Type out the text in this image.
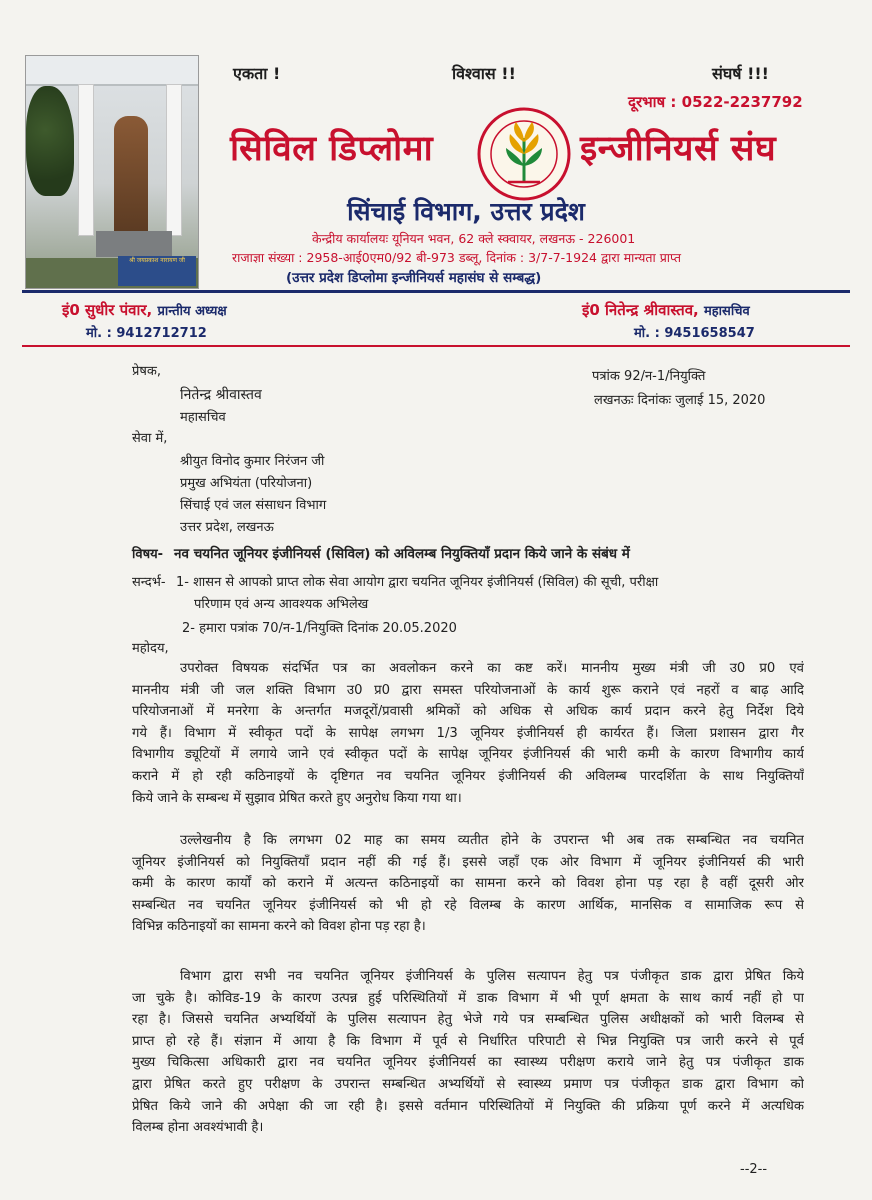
श्री जयप्रकाश नारायण जी
एकता !	विश्वास !!	संघर्ष !!!
दूरभाष : 0522-2237792
सिविल डिप्लोमा	इन्जीनियर्स संघ
सिंचाई विभाग, उत्तर प्रदेश
केन्द्रीय कार्यालयः यूनियन भवन, 62 क्ले स्क्वायर, लखनऊ - 226001
राजाज्ञा संख्या : 2958-आई0एम0/92 बी-973 डब्लू, दिनांक : 3/7-7-1924 द्वारा मान्यता प्राप्त
(उत्तर प्रदेश डिप्लोमा इन्जीनियर्स महासंघ से सम्बद्ध)
इं0 सुधीर पंवार, प्रान्तीय अध्यक्ष
मो. : 9412712712
इं0 नितेन्द्र श्रीवास्तव, महासचिव
मो. : 9451658547
प्रेषक,
नितेन्द्र श्रीवास्तव
महासचिव
पत्रांक 92/न-1/नियुक्ति
लखनऊः दिनांकः जुलाई 15, 2020
सेवा में,
श्रीयुत विनोद कुमार निरंजन जी
प्रमुख अभियंता (परियोजना)
सिंचाई एवं जल संसाधन विभाग
उत्तर प्रदेश, लखनऊ
विषय- नव चयनित जूनियर इंजीनियर्स (सिविल) को अविलम्ब नियुक्तियाँ प्रदान किये जाने के संबंध में
सन्दर्भ- 1- शासन से आपको प्राप्त लोक सेवा आयोग द्वारा चयनित जूनियर इंजीनियर्स (सिविल) की सूची, परीक्षा
परिणाम एवं अन्य आवश्यक अभिलेख
2- हमारा पत्रांक 70/न-1/नियुक्ति दिनांक 20.05.2020
महोदय,
उपरोक्त विषयक संदर्भित पत्र का अवलोकन करने का कष्ट करें। माननीय मुख्य मंत्री जी उ0 प्र0 एवं
माननीय मंत्री जी जल शक्ति विभाग उ0 प्र0 द्वारा समस्त परियोजनाओं के कार्य शुरू कराने एवं नहरों व बाढ़ आदि
परियोजनाओं में मनरेगा के अन्तर्गत मजदूरों/प्रवासी श्रमिकों को अधिक से अधिक कार्य प्रदान करने हेतु निर्देश दिये
गये हैं। विभाग में स्वीकृत पदों के सापेक्ष लगभग 1/3 जूनियर इंजीनियर्स ही कार्यरत हैं। जिला प्रशासन द्वारा गैर
विभागीय ड्यूटियों में लगाये जाने एवं स्वीकृत पदों के सापेक्ष जूनियर इंजीनियर्स की भारी कमी के कारण विभागीय कार्य
कराने में हो रही कठिनाइयों के दृष्टिगत नव चयनित जूनियर इंजीनियर्स की अविलम्ब पारदर्शिता के साथ नियुक्तियाँ
किये जाने के सम्बन्ध में सुझाव प्रेषित करते हुए अनुरोध किया गया था।
उल्लेखनीय है कि लगभग 02 माह का समय व्यतीत होने के उपरान्त भी अब तक सम्बन्धित नव चयनित
जूनियर इंजीनियर्स को नियुक्तियाँ प्रदान नहीं की गई हैं। इससे जहाँ एक ओर विभाग में जूनियर इंजीनियर्स की भारी
कमी के कारण कार्यों को कराने में अत्यन्त कठिनाइयों का सामना करने को विवश होना पड़ रहा है वहीं दूसरी ओर
सम्बन्धित नव चयनित जूनियर इंजीनियर्स को भी हो रहे विलम्ब के कारण आर्थिक, मानसिक व सामाजिक रूप से
विभिन्न कठिनाइयों का सामना करने को विवश होना पड़ रहा है।
विभाग द्वारा सभी नव चयनित जूनियर इंजीनियर्स के पुलिस सत्यापन हेतु पत्र पंजीकृत डाक द्वारा प्रेषित किये
जा चुके है। कोविड-19 के कारण उत्पन्न हुई परिस्थितियों में डाक विभाग में भी पूर्ण क्षमता के साथ कार्य नहीं हो पा
रहा है। जिससे चयनित अभ्यर्थियों के पुलिस सत्यापन हेतु भेजे गये पत्र सम्बन्धित पुलिस अधीक्षकों को भारी विलम्ब से
प्राप्त हो रहे हैं। संज्ञान में आया है कि विभाग में पूर्व से निर्धारित परिपाटी से भिन्न नियुक्ति पत्र जारी करने से पूर्व
मुख्य चिकित्सा अधिकारी द्वारा नव चयनित जूनियर इंजीनियर्स का स्वास्थ्य परीक्षण कराये जाने हेतु पत्र पंजीकृत डाक
द्वारा प्रेषित करते हुए परीक्षण के उपरान्त सम्बन्धित अभ्यर्थियों से स्वास्थ्य प्रमाण पत्र पंजीकृत डाक द्वारा विभाग को
प्रेषित किये जाने की अपेक्षा की जा रही है। इससे वर्तमान परिस्थितियों में नियुक्ति की प्रक्रिया पूर्ण करने में अत्यधिक
विलम्ब होना अवश्यंभावी है।
--2--
